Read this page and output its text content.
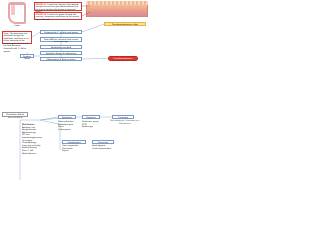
STAGE #1: Lumen has bacteria that migrate through the mucosa (pseudomembranes) of the lumen and into the lamina of mucosal
STAGE #2: Lumen has grown through the mucosa, submucosa and down to the muscle layer of bowel.
Colon
Step: The bacterium has attached through the epithelium and there is no active immunity or the bacteria gets cleared and the host becomes colonized with C. diff or spores.
Colonized by C. difficile and spores
Toxins A/B are released and causes tissue damage
Neutrophils recruited
Spread to lamina & submucosa
Inflammation & fluid secretion
Pseudomembranous colitis
Pseudomembranes
Produce Toxins
Clostridium difficile
toxin-mediated	Symptoms	Diagnosis	Treatment
Metronidazole, Vancomycin or Fidaxomicin
Watery diarrhea
Abdominal pain
Fever
Leukocytosis
Stool toxin assay
PCR
Endoscopy
Risk factors
Antibiotic use
Hospitalization
Advanced age
PPI use
Immunosuppression
GI surgery
Chemotherapy
Long stay in facility
Enteral feeding
Prior C. diff
Renal disease
Complications
Toxic megacolon
Perforation
Sepsis
Prevention
Hand hygiene
Contact precautions
